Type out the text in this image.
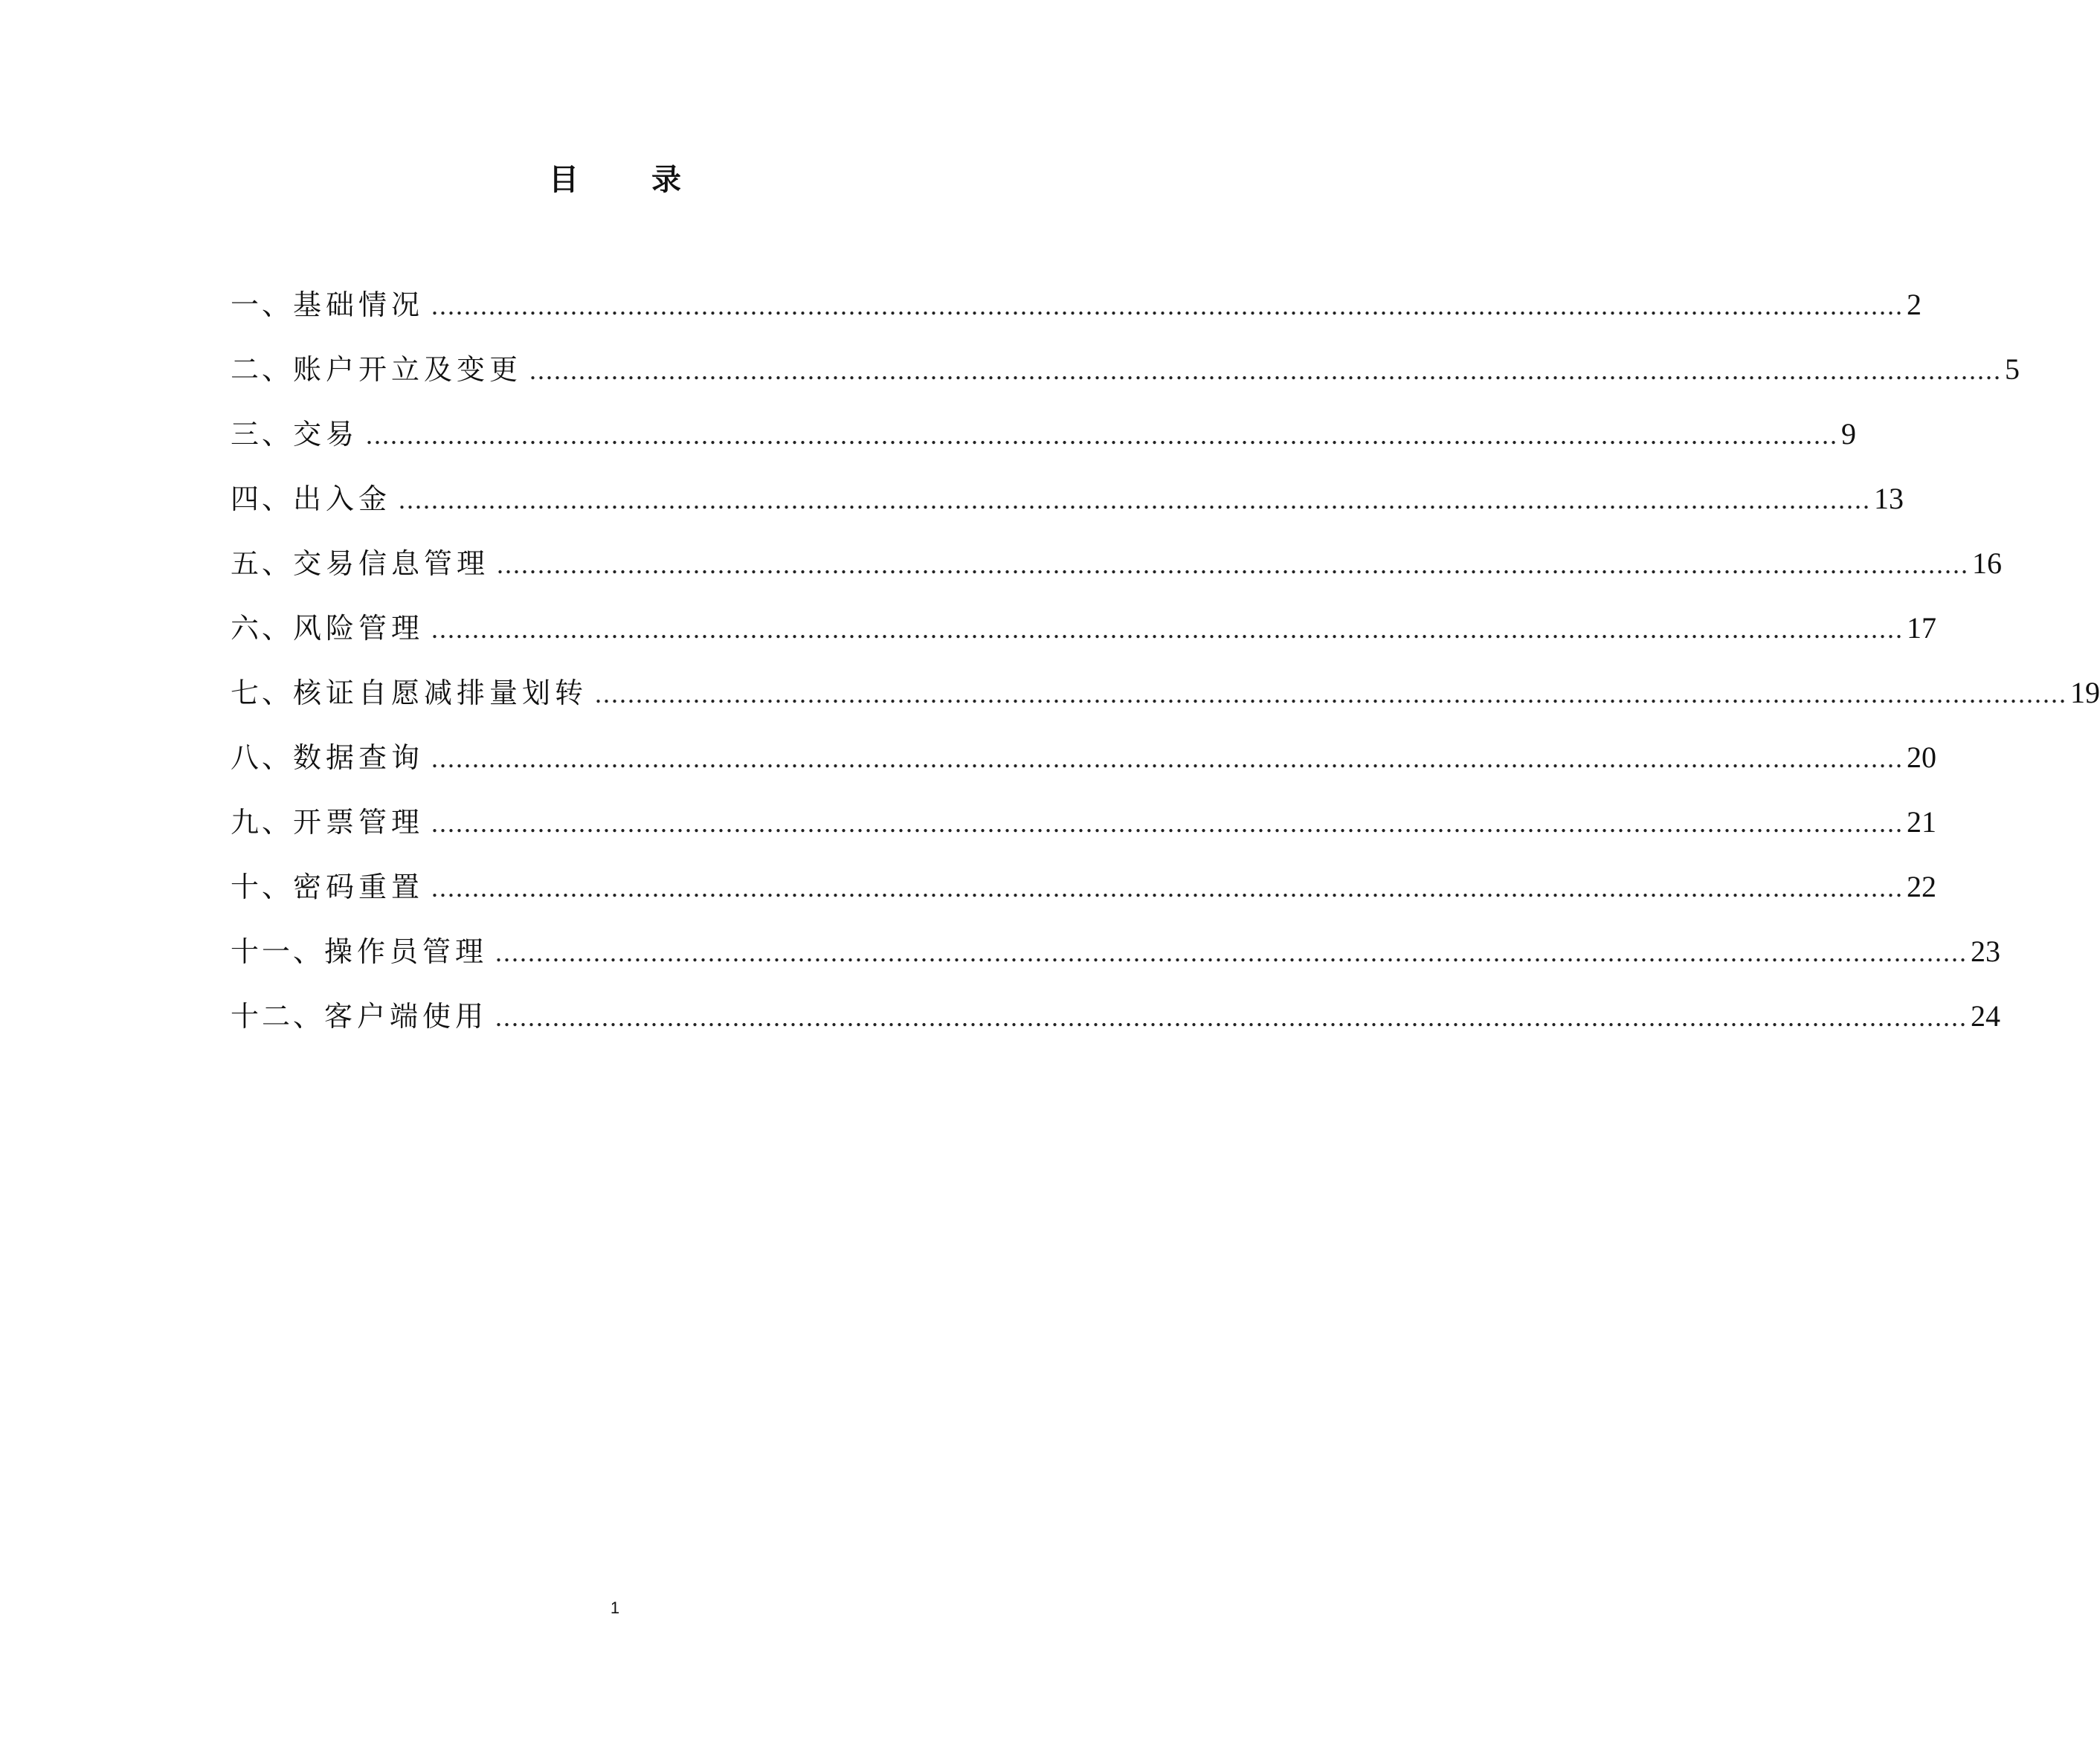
目 录
一、 基础情况 .................................................................................................................................................................................... 2
二、 账户开立及变更 .................................................................................................................................................................................... 5
三、 交易 .................................................................................................................................................................................... 9
四、 出入金 .................................................................................................................................................................................... 13
五、 交易信息管理 .................................................................................................................................................................................... 16
六、 风险管理 .................................................................................................................................................................................... 17
七、 核证自愿减排量划转 .................................................................................................................................................................................... 19
八、 数据查询 .................................................................................................................................................................................... 20
九、 开票管理 .................................................................................................................................................................................... 21
十、 密码重置 .................................................................................................................................................................................... 22
十一、 操作员管理 .................................................................................................................................................................................... 23
十二、 客户端使用 .................................................................................................................................................................................... 24
1
